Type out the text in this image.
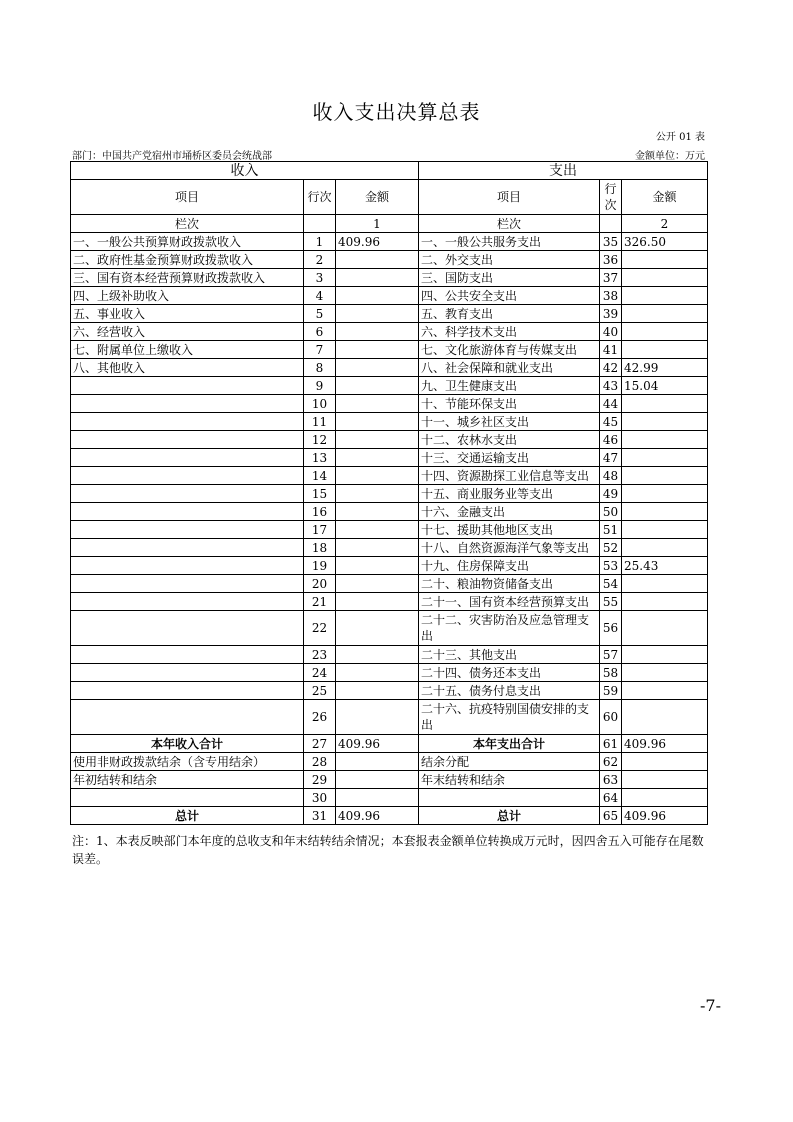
收入支出决算总表
公开 01 表
部门：中国共产党宿州市埇桥区委员会统战部	金额单位：万元
收入			支出		
项目	行次	金额	项目	行次	金额
栏次		1	栏次		2
一、一般公共预算财政拨款收入	1	409.96	一、一般公共服务支出	35	326.50
二、政府性基金预算财政拨款收入	2		二、外交支出	36	
三、国有资本经营预算财政拨款收入	3		三、国防支出	37	
四、上级补助收入	4		四、公共安全支出	38	
五、事业收入	5		五、教育支出	39	
六、经营收入	6		六、科学技术支出	40	
七、附属单位上缴收入	7		七、文化旅游体育与传媒支出	41	
八、其他收入	8		八、社会保障和就业支出	42	42.99
	9		九、卫生健康支出	43	15.04
	10		十、节能环保支出	44	
	11		十一、城乡社区支出	45	
	12		十二、农林水支出	46	
	13		十三、交通运输支出	47	
	14		十四、资源勘探工业信息等支出	48	
	15		十五、商业服务业等支出	49	
	16		十六、金融支出	50	
	17		十七、援助其他地区支出	51	
	18		十八、自然资源海洋气象等支出	52	
	19		十九、住房保障支出	53	25.43
	20		二十、粮油物资储备支出	54	
	21		二十一、国有资本经营预算支出	55	
	22		二十二、灾害防治及应急管理支出	56	
	23		二十三、其他支出	57	
	24		二十四、债务还本支出	58	
	25		二十五、债务付息支出	59	
	26		二十六、抗疫特别国债安排的支出	60	
本年收入合计	27	409.96	本年支出合计	61	409.96
使用非财政拨款结余（含专用结余）	28		结余分配	62	
年初结转和结余	29		年末结转和结余	63	
	30			64	
总计	31	409.96	总计	65	409.96
注：1、本表反映部门本年度的总收支和年末结转结余情况；本套报表金额单位转换成万元时，因四舍五入可能存在尾数误差。
-7-
